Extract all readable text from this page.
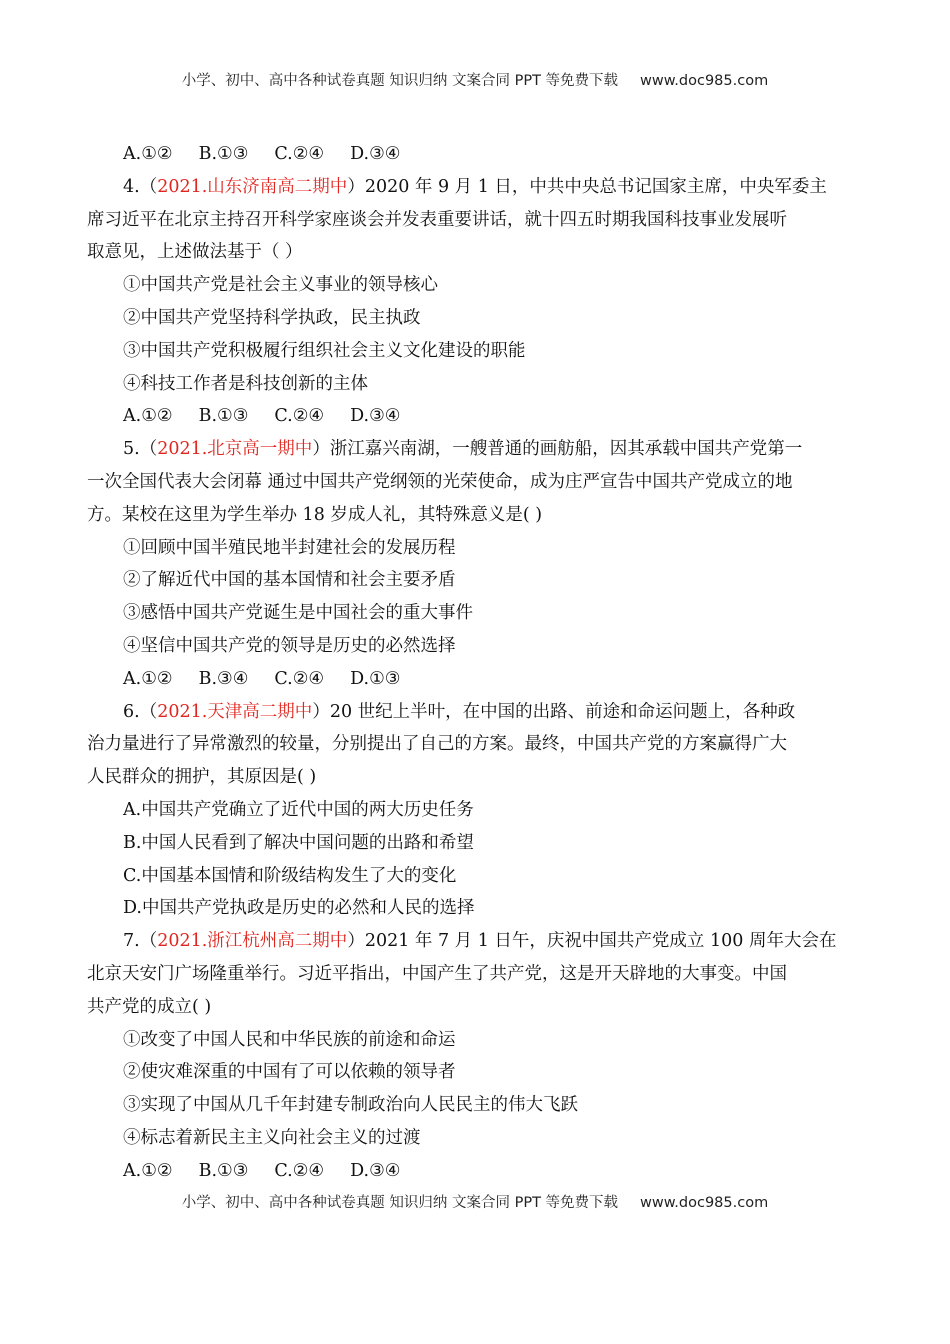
小学、初中、高中各种试卷真题 知识归纳 文案合同 PPT 等免费下载 www.doc985.com
A.①② B.①③ C.②④ D.③④
4.（2021.山东济南高二期中）2020 年 9 月 1 日，中共中央总书记国家主席，中央军委主
席习近平在北京主持召开科学家座谈会并发表重要讲话，就十四五时期我国科技事业发展听
取意见，上述做法基于（ ）
①中国共产党是社会主义事业的领导核心
②中国共产党坚持科学执政，民主执政
③中国共产党积极履行组织社会主义文化建设的职能
④科技工作者是科技创新的主体
A.①② B.①③ C.②④ D.③④
5.（2021.北京高一期中）浙江嘉兴南湖，一艘普通的画舫船，因其承载中国共产党第一
一次全国代表大会闭幕 通过中国共产党纲领的光荣使命，成为庄严宣告中国共产党成立的地
方。某校在这里为学生举办 18 岁成人礼，其特殊意义是( )
①回顾中国半殖民地半封建社会的发展历程
②了解近代中国的基本国情和社会主要矛盾
③感悟中国共产党诞生是中国社会的重大事件
④坚信中国共产党的领导是历史的必然选择
A.①② B.③④ C.②④ D.①③
6.（2021.天津高二期中）20 世纪上半叶，在中国的出路、前途和命运问题上，各种政
治力量进行了异常激烈的较量，分别提出了自己的方案。最终，中国共产党的方案赢得广大
人民群众的拥护，其原因是( )
A.中国共产党确立了近代中国的两大历史任务
B.中国人民看到了解决中国问题的出路和希望
C.中国基本国情和阶级结构发生了大的变化
D.中国共产党执政是历史的必然和人民的选择
7.（2021.浙江杭州高二期中）2021 年 7 月 1 日午，庆祝中国共产党成立 100 周年大会在
北京天安门广场隆重举行。习近平指出，中国产生了共产党，这是开天辟地的大事变。中国
共产党的成立( )
①改变了中国人民和中华民族的前途和命运
②使灾难深重的中国有了可以依赖的领导者
③实现了中国从几千年封建专制政治向人民民主的伟大飞跃
④标志着新民主主义向社会主义的过渡
A.①② B.①③ C.②④ D.③④
小学、初中、高中各种试卷真题 知识归纳 文案合同 PPT 等免费下载 www.doc985.com
